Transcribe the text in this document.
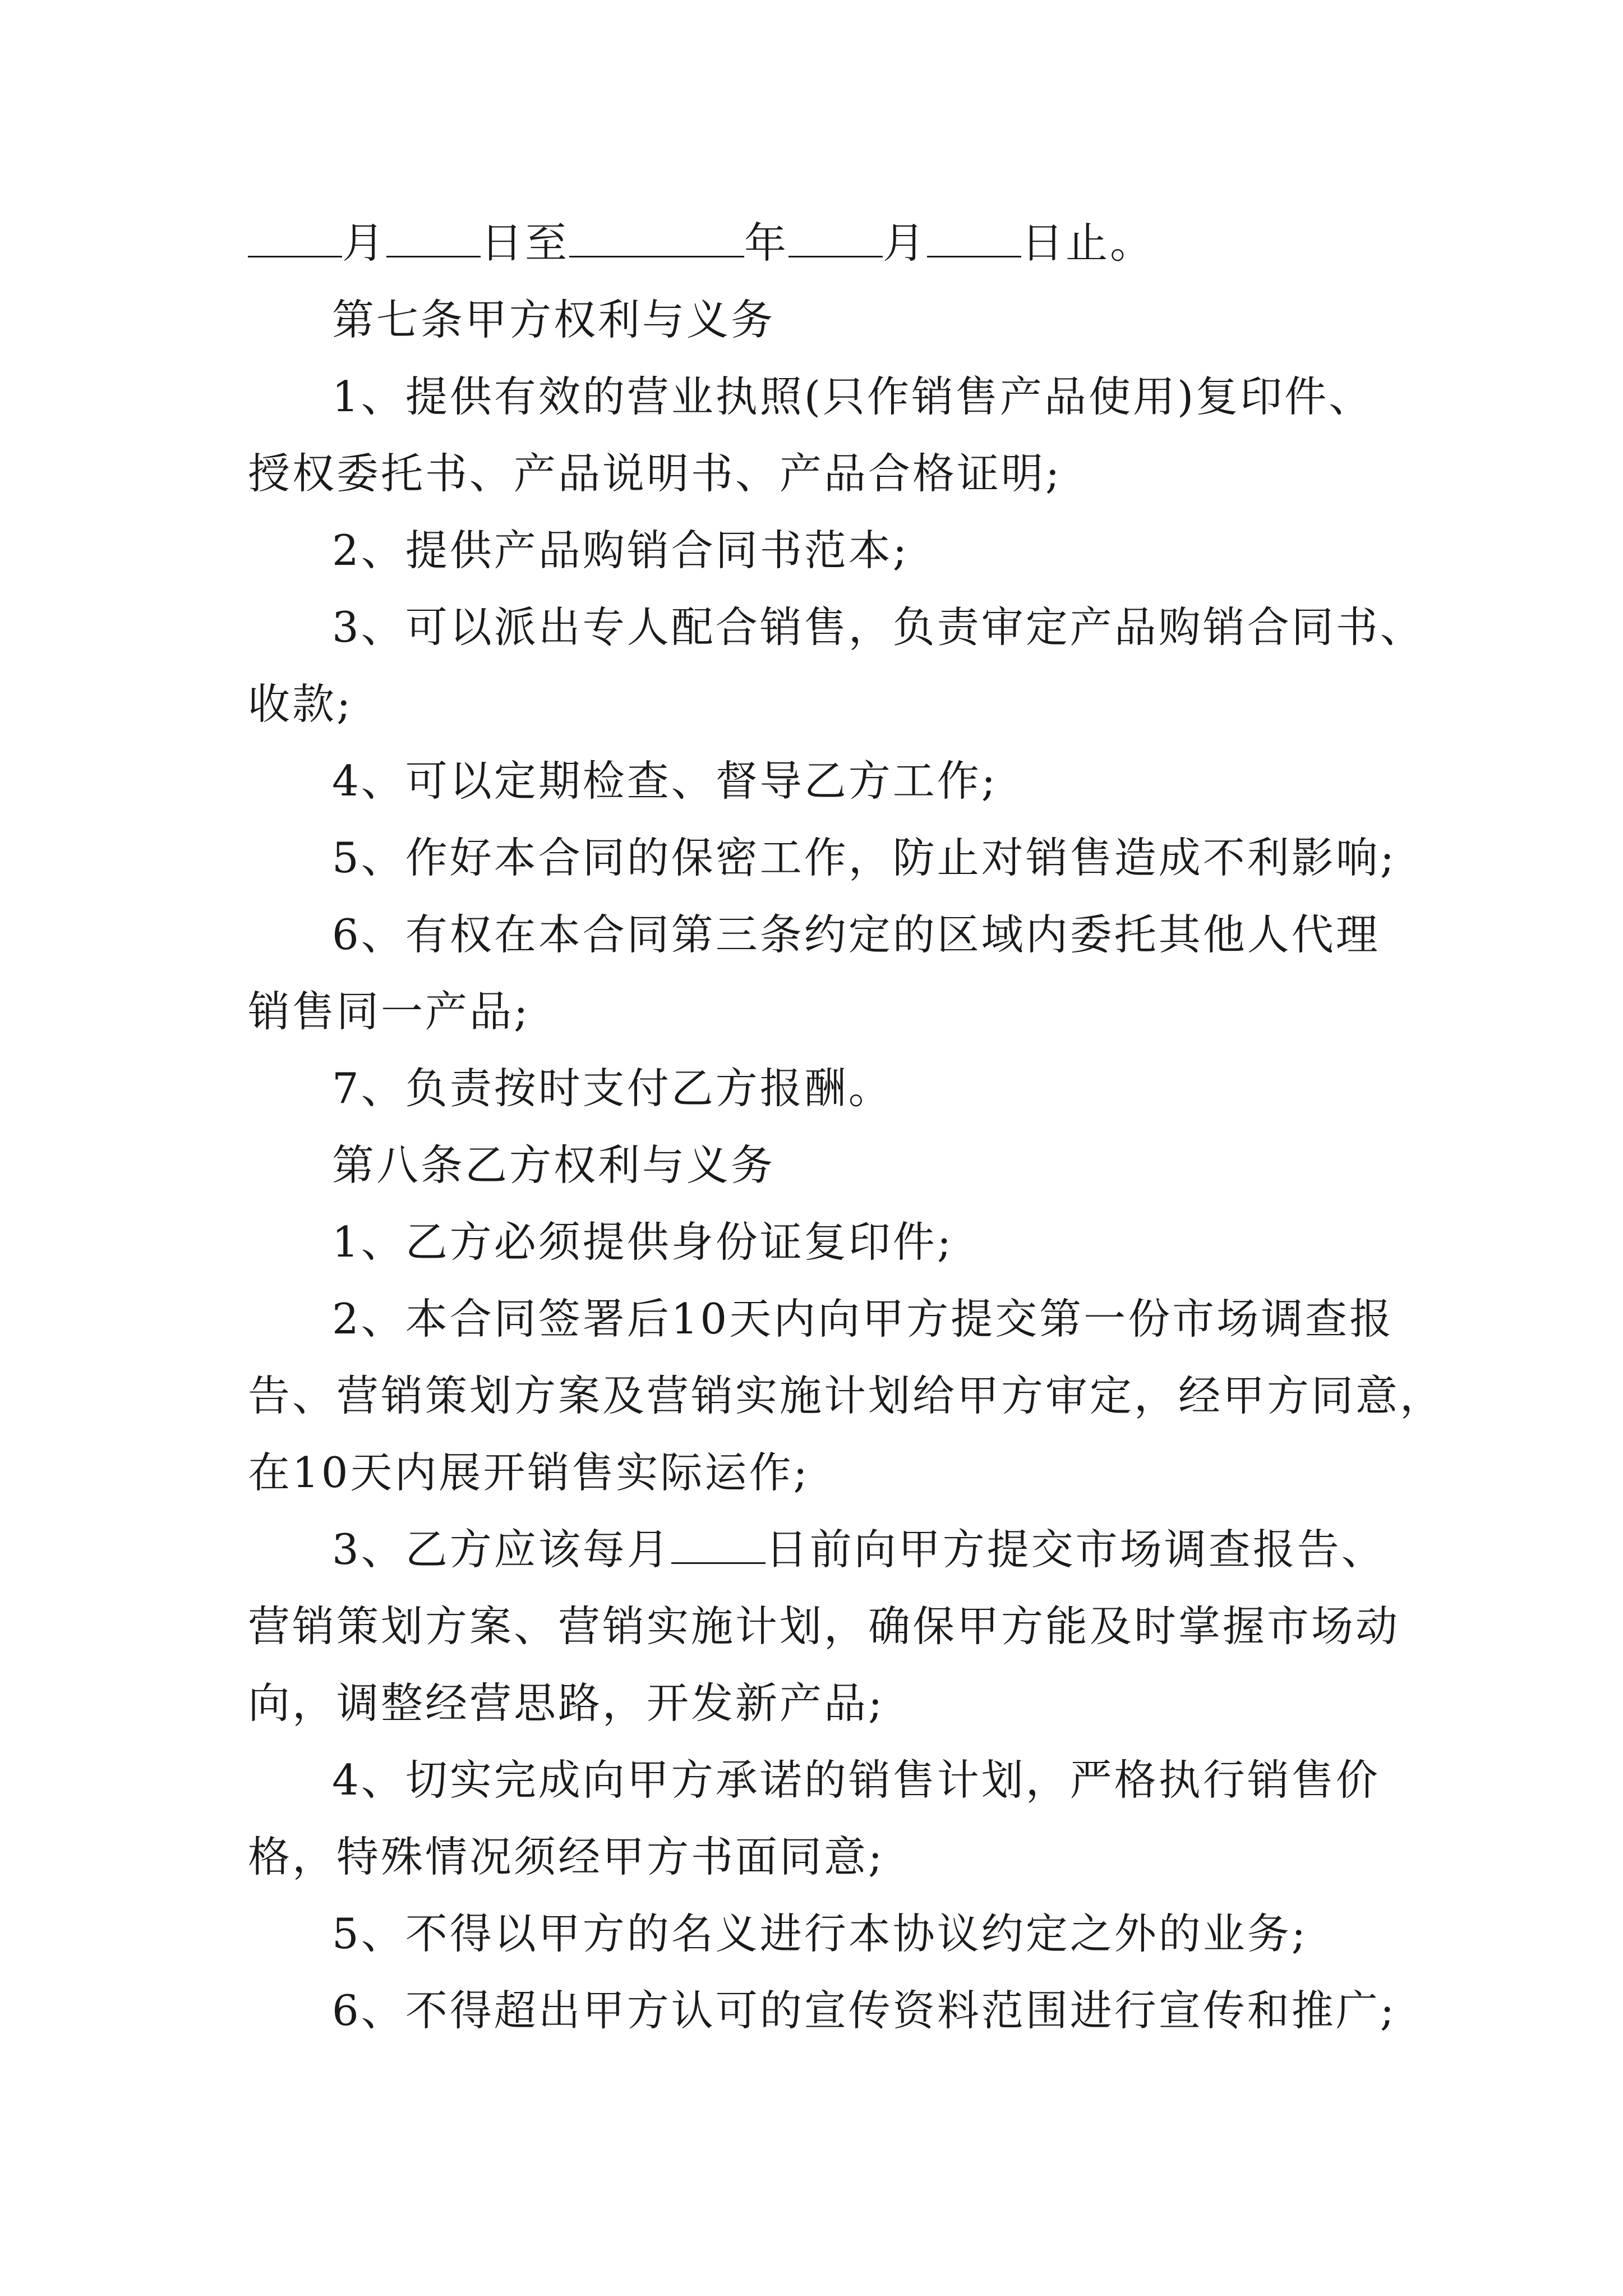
月 日至	年 月 日止。
第七条甲方权利与义务
1、提供有效的营业执照(只作销售产品使用)复印件、
授权委托书、产品说明书、产品合格证明;
2、提供产品购销合同书范本;
3、可以派出专人配合销售，负责审定产品购销合同书、
收款;
4、可以定期检查、督导乙方工作;
5、作好本合同的保密工作，防止对销售造成不利影响;
6、有权在本合同第三条约定的区域内委托其他人代理
销售同一产品;
7、负责按时支付乙方报酬。
第八条乙方权利与义务
1、乙方必须提供身份证复印件;
2、本合同签署后10天内向甲方提交第一份市场调查报
告、营销策划方案及营销实施计划给甲方审定，经甲方同意，
在10天内展开销售实际运作;
3、乙方应该每月 日前向甲方提交市场调查报告、
营销策划方案、营销实施计划，确保甲方能及时掌握市场动
向，调整经营思路，开发新产品;
4、切实完成向甲方承诺的销售计划，严格执行销售价
格，特殊情况须经甲方书面同意;
5、不得以甲方的名义进行本协议约定之外的业务;
6、不得超出甲方认可的宣传资料范围进行宣传和推广;
